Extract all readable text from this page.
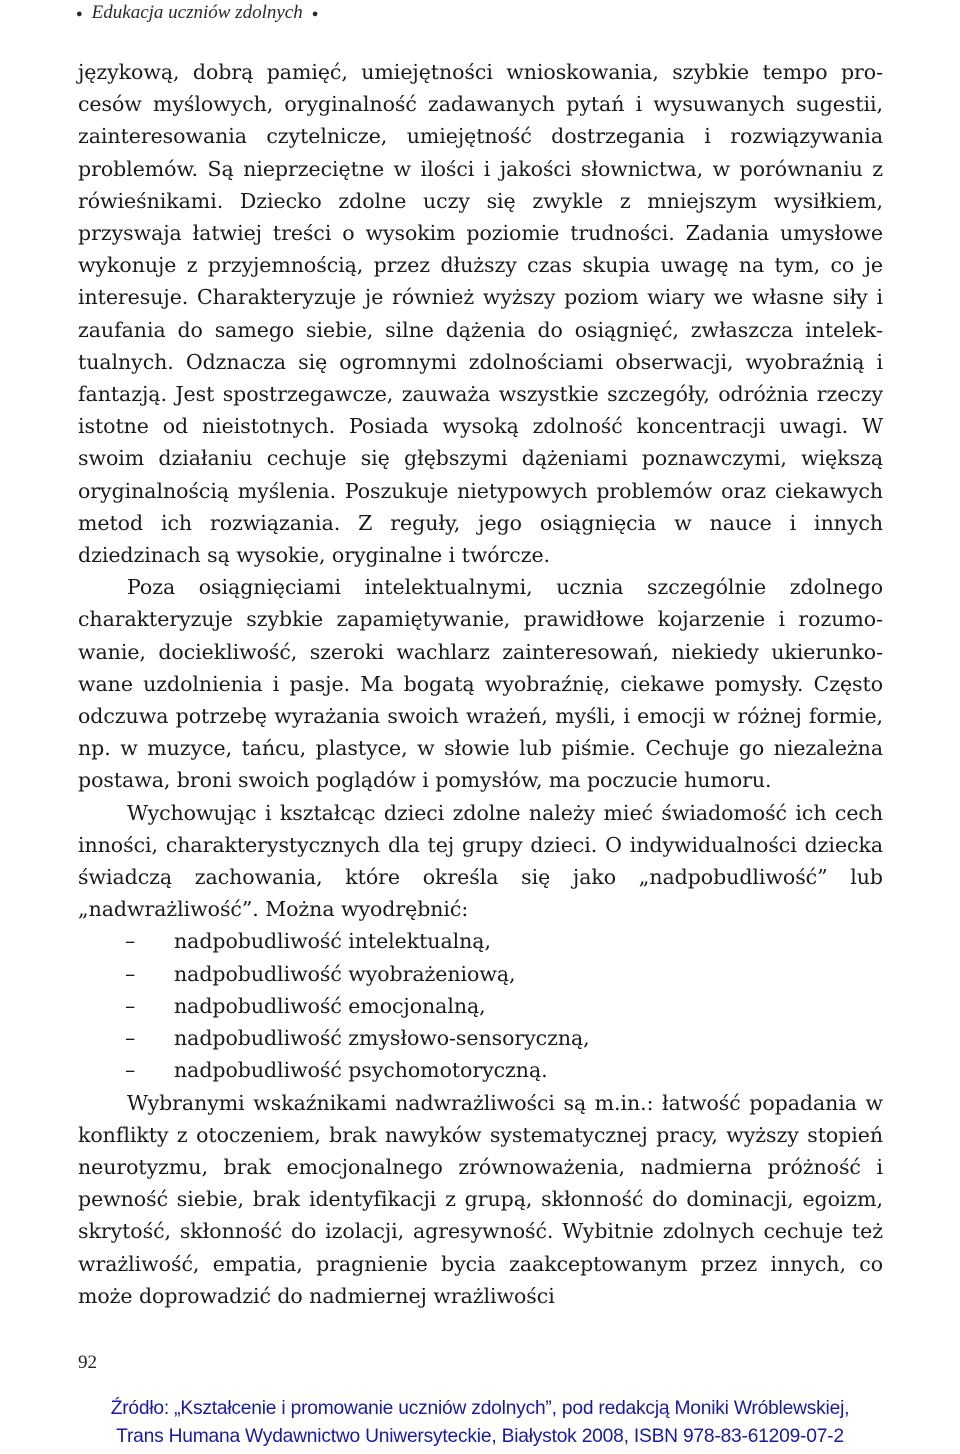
● Edukacja uczniów zdolnych ●

językową, dobrą pamięć, umiejętności wnioskowania, szybkie tempo procesów myślowych, oryginalność zadawanych pytań i wysuwanych sugestii, zainteresowania czytelnicze, umiejętność dostrzegania i rozwiązywania problemów. Są nieprzeciętne w ilości i jakości słownictwa, w porównaniu z rówieśnikami. Dziecko zdolne uczy się zwykle z mniejszym wysiłkiem, przyswaja łatwiej treści o wysokim poziomie trudności. Zadania umysłowe wykonuje z przyjemnością, przez dłuższy czas skupia uwagę na tym, co je interesuje. Charakteryzuje je również wyższy poziom wiary we własne siły i zaufania do samego siebie, silne dążenia do osiągnięć, zwłaszcza intelektualnych. Odznacza się ogromnymi zdolnościami obserwacji, wyobraźnią i fantazją. Jest spostrzegawcze, zauważa wszystkie szczegóły, odróżnia rzeczy istotne od nieistotnych. Posiada wysoką zdolność koncentracji uwagi. W swoim działaniu cechuje się głębszymi dążeniami poznawczymi, większą oryginalnością myślenia. Poszukuje nietypowych problemów oraz ciekawych metod ich rozwiązania. Z reguły, jego osiągnięcia w nauce i innych dziedzinach są wysokie, oryginalne i twórcze.

Poza osiągnięciami intelektualnymi, ucznia szczególnie zdolnego charakteryzuje szybkie zapamiętywanie, prawidłowe kojarzenie i rozumowanie, dociekliwość, szeroki wachlarz zainteresowań, niekiedy ukierunkowane uzdolnienia i pasje. Ma bogatą wyobraźnię, ciekawe pomysły. Często odczuwa potrzebę wyrażania swoich wrażeń, myśli, i emocji w różnej formie, np. w muzyce, tańcu, plastyce, w słowie lub piśmie. Cechuje go niezależna postawa, broni swoich poglądów i pomysłów, ma poczucie humoru.

Wychowując i kształcąc dzieci zdolne należy mieć świadomość ich cech inności, charakterystycznych dla tej grupy dzieci. O indywidualności dziecka świadczą zachowania, które określa się jako „nadpobudliwość” lub „nadwrażliwość”. Można wyodrębnić:

– nadpobudliwość intelektualną,
– nadpobudliwość wyobrażeniową,
– nadpobudliwość emocjonalną,
– nadpobudliwość zmysłowo-sensoryczną,
– nadpobudliwość psychomotoryczną.

Wybranymi wskaźnikami nadwrażliwości są m.in.: łatwość popadania w konflikty z otoczeniem, brak nawyków systematycznej pracy, wyższy stopień neurotyzmu, brak emocjonalnego zrównoważenia, nadmierna próżność i pewność siebie, brak identyfikacji z grupą, skłonność do dominacji, egoizm, skrytość, skłonność do izolacji, agresywność. Wybitnie zdolnych cechuje też wrażliwość, empatia, pragnienie bycia zaakceptowanym przez innych, co może doprowadzić do nadmiernej wrażliwości

92
Źródło: „Kształcenie i promowanie uczniów zdolnych”, pod redakcją Moniki Wróblewskiej,
Trans Humana Wydawnictwo Uniwersyteckie, Białystok 2008, ISBN 978-83-61209-07-2
